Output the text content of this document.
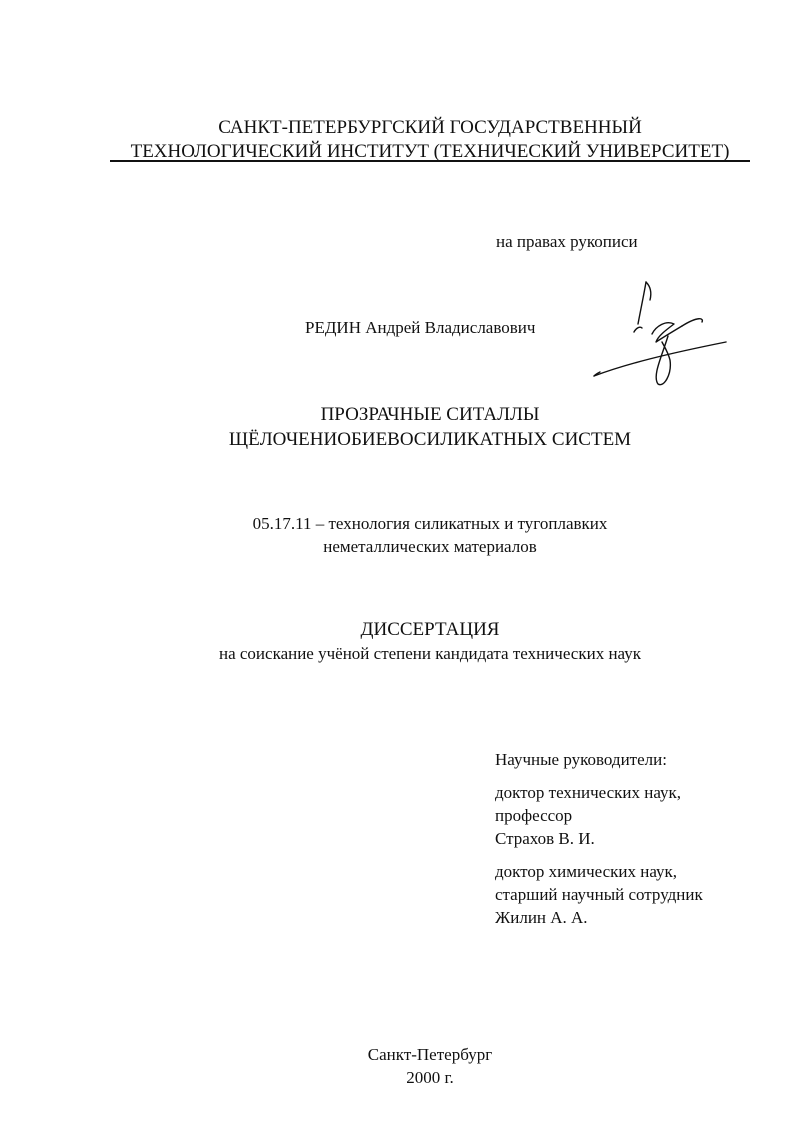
САНКТ-ПЕТЕРБУРГСКИЙ ГОСУДАРСТВЕННЫЙ
ТЕХНОЛОГИЧЕСКИЙ ИНСТИТУТ (ТЕХНИЧЕСКИЙ УНИВЕРСИТЕТ)
на правах рукописи
РЕДИН Андрей Владиславович
ПРОЗРАЧНЫЕ СИТАЛЛЫ
ЩЁЛОЧЕНИОБИЕВОСИЛИКАТНЫХ СИСТЕМ
05.17.11 – технология силикатных и тугоплавких
неметаллических материалов
ДИССЕРТАЦИЯ
на соискание учёной степени кандидата технических наук
Научные руководители:
доктор технических наук,
профессор
Страхов В. И.
доктор химических наук,
старший научный сотрудник
Жилин А. А.
Санкт-Петербург
2000 г.
